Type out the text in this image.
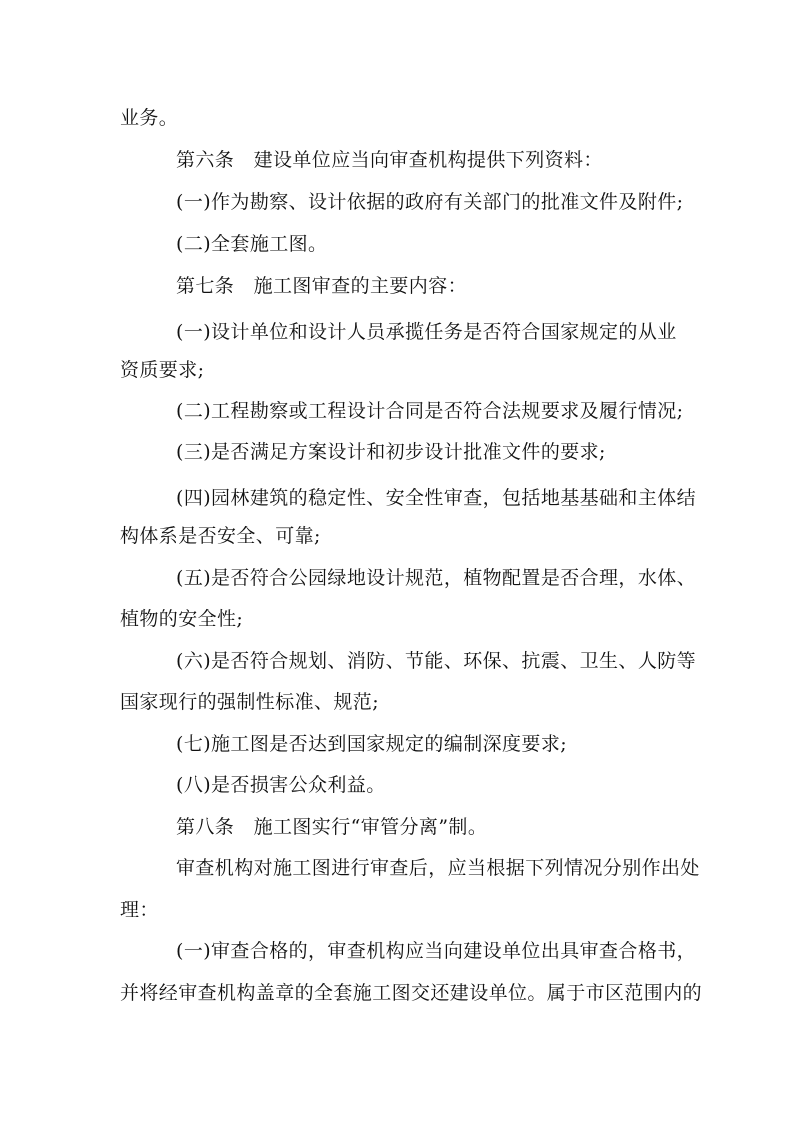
业务。
第六条　建设单位应当向审查机构提供下列资料：
(一)作为勘察、设计依据的政府有关部门的批准文件及附件;
(二)全套施工图。
第七条　施工图审查的主要内容：
(一)设计单位和设计人员承揽任务是否符合国家规定的从业
资质要求;
(二)工程勘察或工程设计合同是否符合法规要求及履行情况;
(三)是否满足方案设计和初步设计批准文件的要求;
(四)园林建筑的稳定性、安全性审查，包括地基基础和主体结
构体系是否安全、可靠;
(五)是否符合公园绿地设计规范，植物配置是否合理，水体、
植物的安全性;
(六)是否符合规划、消防、节能、环保、抗震、卫生、人防等
国家现行的强制性标准、规范;
(七)施工图是否达到国家规定的编制深度要求;
(八)是否损害公众利益。
第八条　施工图实行“审管分离”制。
审查机构对施工图进行审查后，应当根据下列情况分别作出处
理：
(一)审查合格的，审查机构应当向建设单位出具审查合格书，
并将经审查机构盖章的全套施工图交还建设单位。属于市区范围内的
